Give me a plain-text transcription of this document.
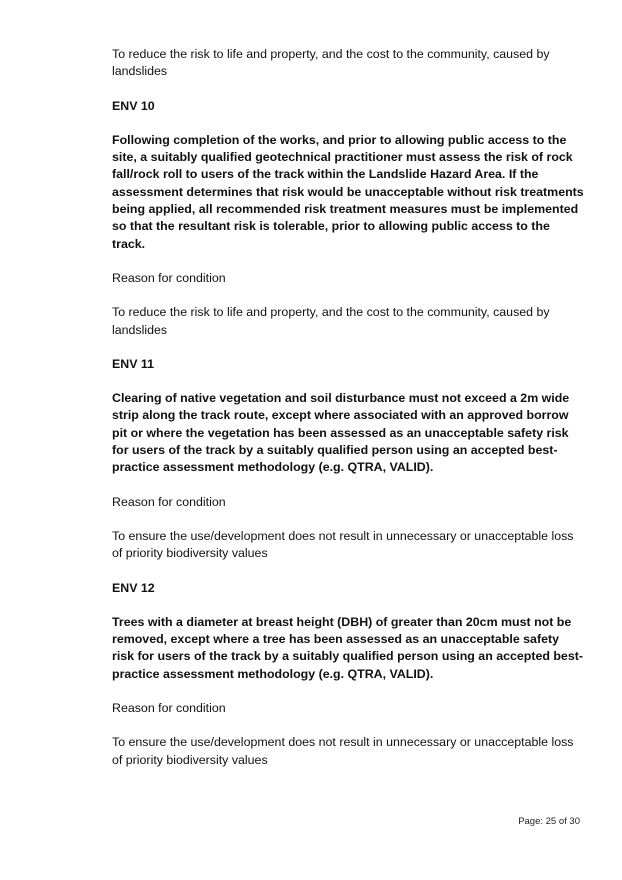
To reduce the risk to life and property, and the cost to the community, caused by landslides

ENV 10

Following completion of the works, and prior to allowing public access to the site, a suitably qualified geotechnical practitioner must assess the risk of rock fall/rock roll to users of the track within the Landslide Hazard Area. If the assessment determines that risk would be unacceptable without risk treatments being applied, all recommended risk treatment measures must be implemented so that the resultant risk is tolerable, prior to allowing public access to the track.

Reason for condition

To reduce the risk to life and property, and the cost to the community, caused by landslides

ENV 11

Clearing of native vegetation and soil disturbance must not exceed a 2m wide strip along the track route, except where associated with an approved borrow pit or where the vegetation has been assessed as an unacceptable safety risk for users of the track by a suitably qualified person using an accepted best-practice assessment methodology (e.g. QTRA, VALID).

Reason for condition

To ensure the use/development does not result in unnecessary or unacceptable loss of priority biodiversity values

ENV 12

Trees with a diameter at breast height (DBH) of greater than 20cm must not be removed, except where a tree has been assessed as an unacceptable safety risk for users of the track by a suitably qualified person using an accepted best-practice assessment methodology (e.g. QTRA, VALID).

Reason for condition

To ensure the use/development does not result in unnecessary or unacceptable loss of priority biodiversity values

Page: 25 of 30
